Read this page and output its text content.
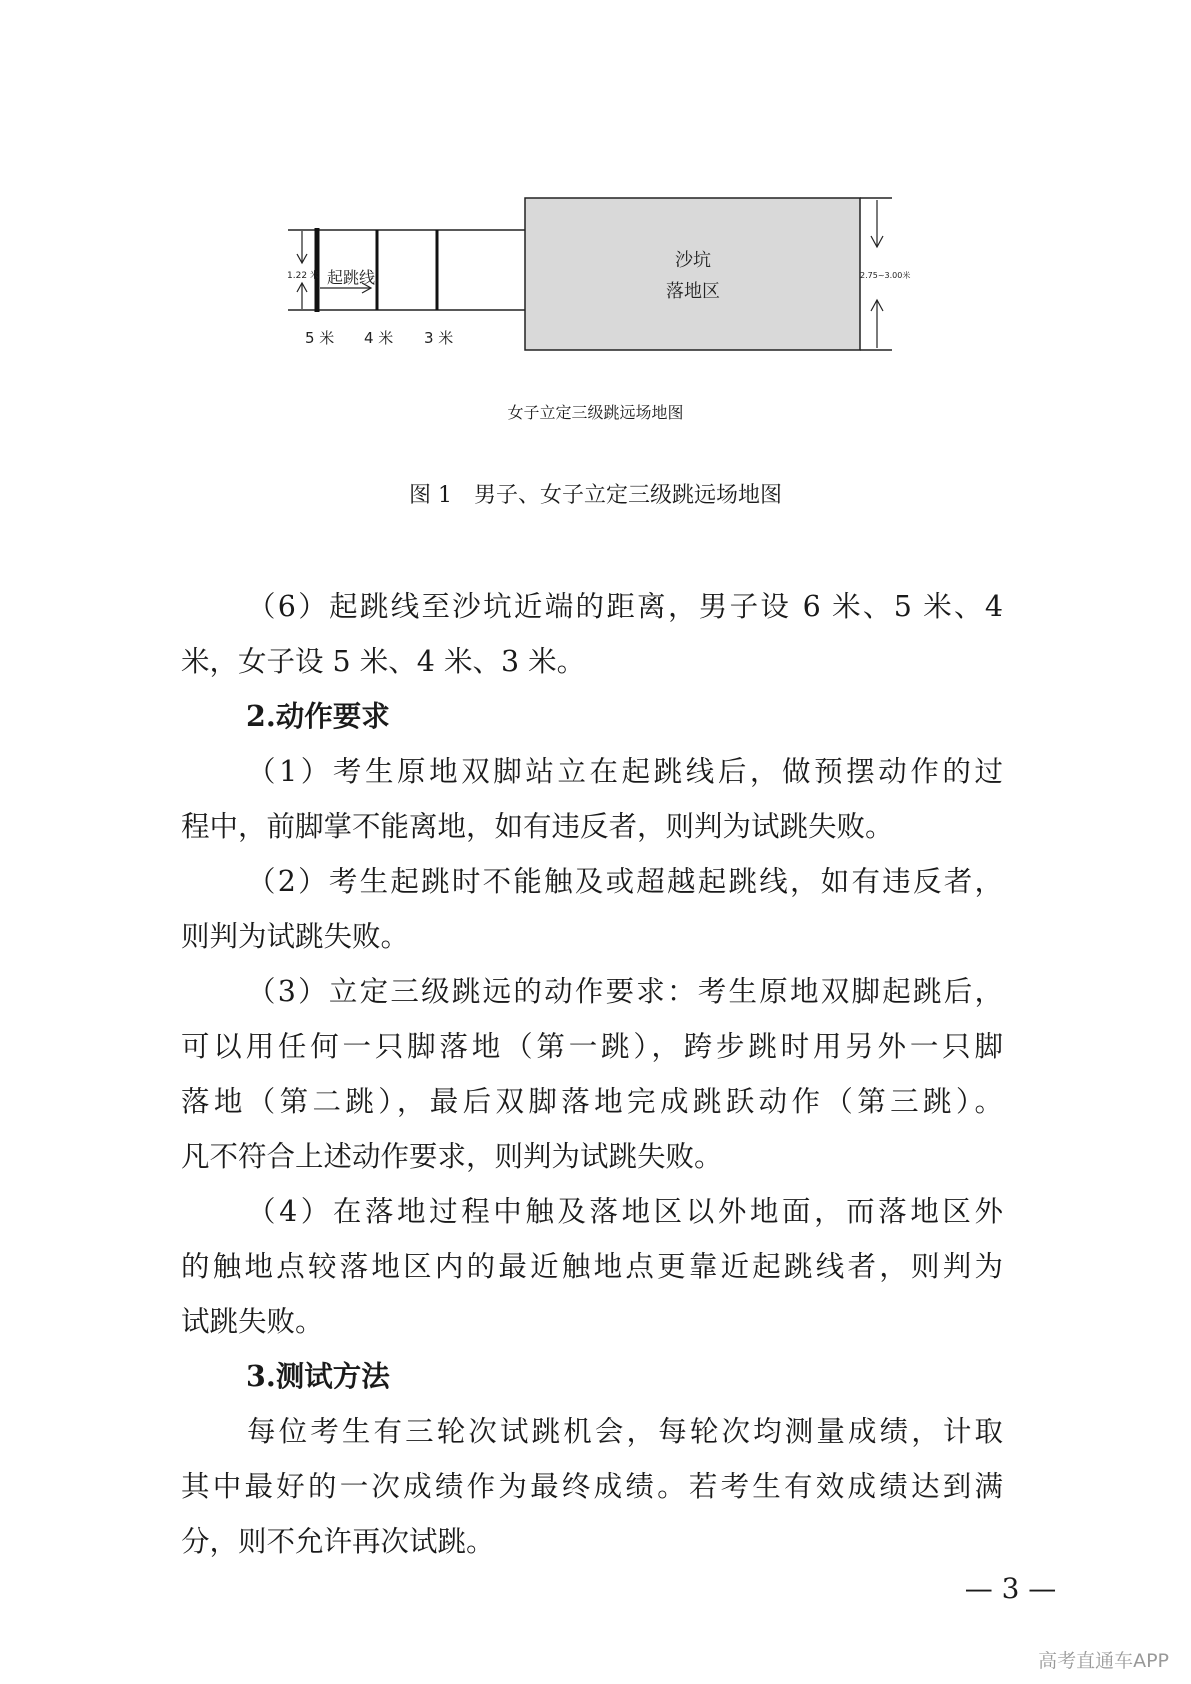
1.22 米 起跳线
5 米 4 米 3 米
沙坑
落地区
2.75~3.00米
女子立定三级跳远场地图
图 1　男子、女子立定三级跳远场地图
（6）起跳线至沙坑近端的距离，男子设 6 米、5 米、4
米，女子设 5 米、4 米、3 米。
2.动作要求
（1）考生原地双脚站立在起跳线后，做预摆动作的过
程中，前脚掌不能离地，如有违反者，则判为试跳失败。
（2）考生起跳时不能触及或超越起跳线，如有违反者，
则判为试跳失败。
（3）立定三级跳远的动作要求：考生原地双脚起跳后，
可以用任何一只脚落地（第一跳），跨步跳时用另外一只脚
落地（第二跳），最后双脚落地完成跳跃动作（第三跳）。
凡不符合上述动作要求，则判为试跳失败。
（4）在落地过程中触及落地区以外地面，而落地区外
的触地点较落地区内的最近触地点更靠近起跳线者，则判为
试跳失败。
3.测试方法
每位考生有三轮次试跳机会，每轮次均测量成绩，计取
其中最好的一次成绩作为最终成绩。若考生有效成绩达到满
分，则不允许再次试跳。
— 3 —
高考直通车APP
